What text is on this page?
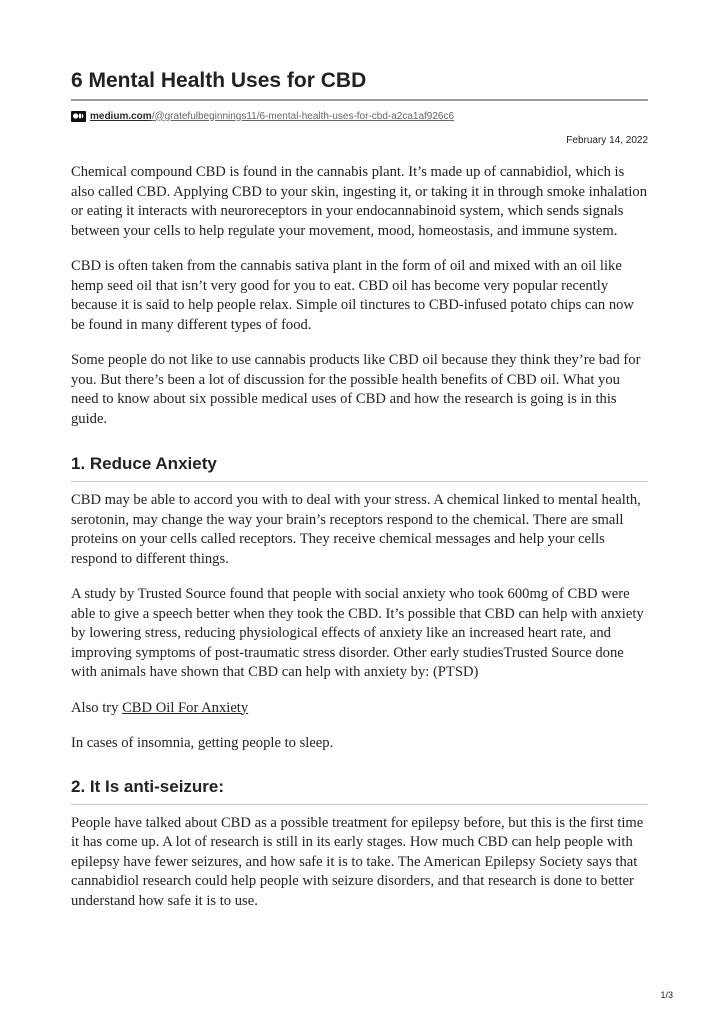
6 Mental Health Uses for CBD
medium.com /@gratefulbeginnings11/6-mental-health-uses-for-cbd-a2ca1af926c6
February 14, 2022

Chemical compound CBD is found in the cannabis plant. It’s made up of cannabidiol, which is also called CBD. Applying CBD to your skin, ingesting it, or taking it in through smoke inhalation or eating it interacts with neuroreceptors in your endocannabinoid system, which sends signals between your cells to help regulate your movement, mood, homeostasis, and immune system.

CBD is often taken from the cannabis sativa plant in the form of oil and mixed with an oil like hemp seed oil that isn’t very good for you to eat. CBD oil has become very popular recently because it is said to help people relax. Simple oil tinctures to CBD-infused potato chips can now be found in many different types of food.

Some people do not like to use cannabis products like CBD oil because they think they’re bad for you. But there’s been a lot of discussion for the possible health benefits of CBD oil. What you need to know about six possible medical uses of CBD and how the research is going is in this guide.

1. Reduce Anxiety

CBD may be able to accord you with to deal with your stress. A chemical linked to mental health, serotonin, may change the way your brain’s receptors respond to the chemical. There are small proteins on your cells called receptors. They receive chemical messages and help your cells respond to different things.

A study by Trusted Source found that people with social anxiety who took 600mg of CBD were able to give a speech better when they took the CBD. It’s possible that CBD can help with anxiety by lowering stress, reducing physiological effects of anxiety like an increased heart rate, and improving symptoms of post-traumatic stress disorder. Other early studiesTrusted Source done with animals have shown that CBD can help with anxiety by: (PTSD)

Also try CBD Oil For Anxiety

In cases of insomnia, getting people to sleep.

2. It Is anti-seizure:

People have talked about CBD as a possible treatment for epilepsy before, but this is the first time it has come up. A lot of research is still in its early stages. How much CBD can help people with epilepsy have fewer seizures, and how safe it is to take. The American Epilepsy Society says that cannabidiol research could help people with seizure disorders, and that research is done to better understand how safe it is to use.

1/3
